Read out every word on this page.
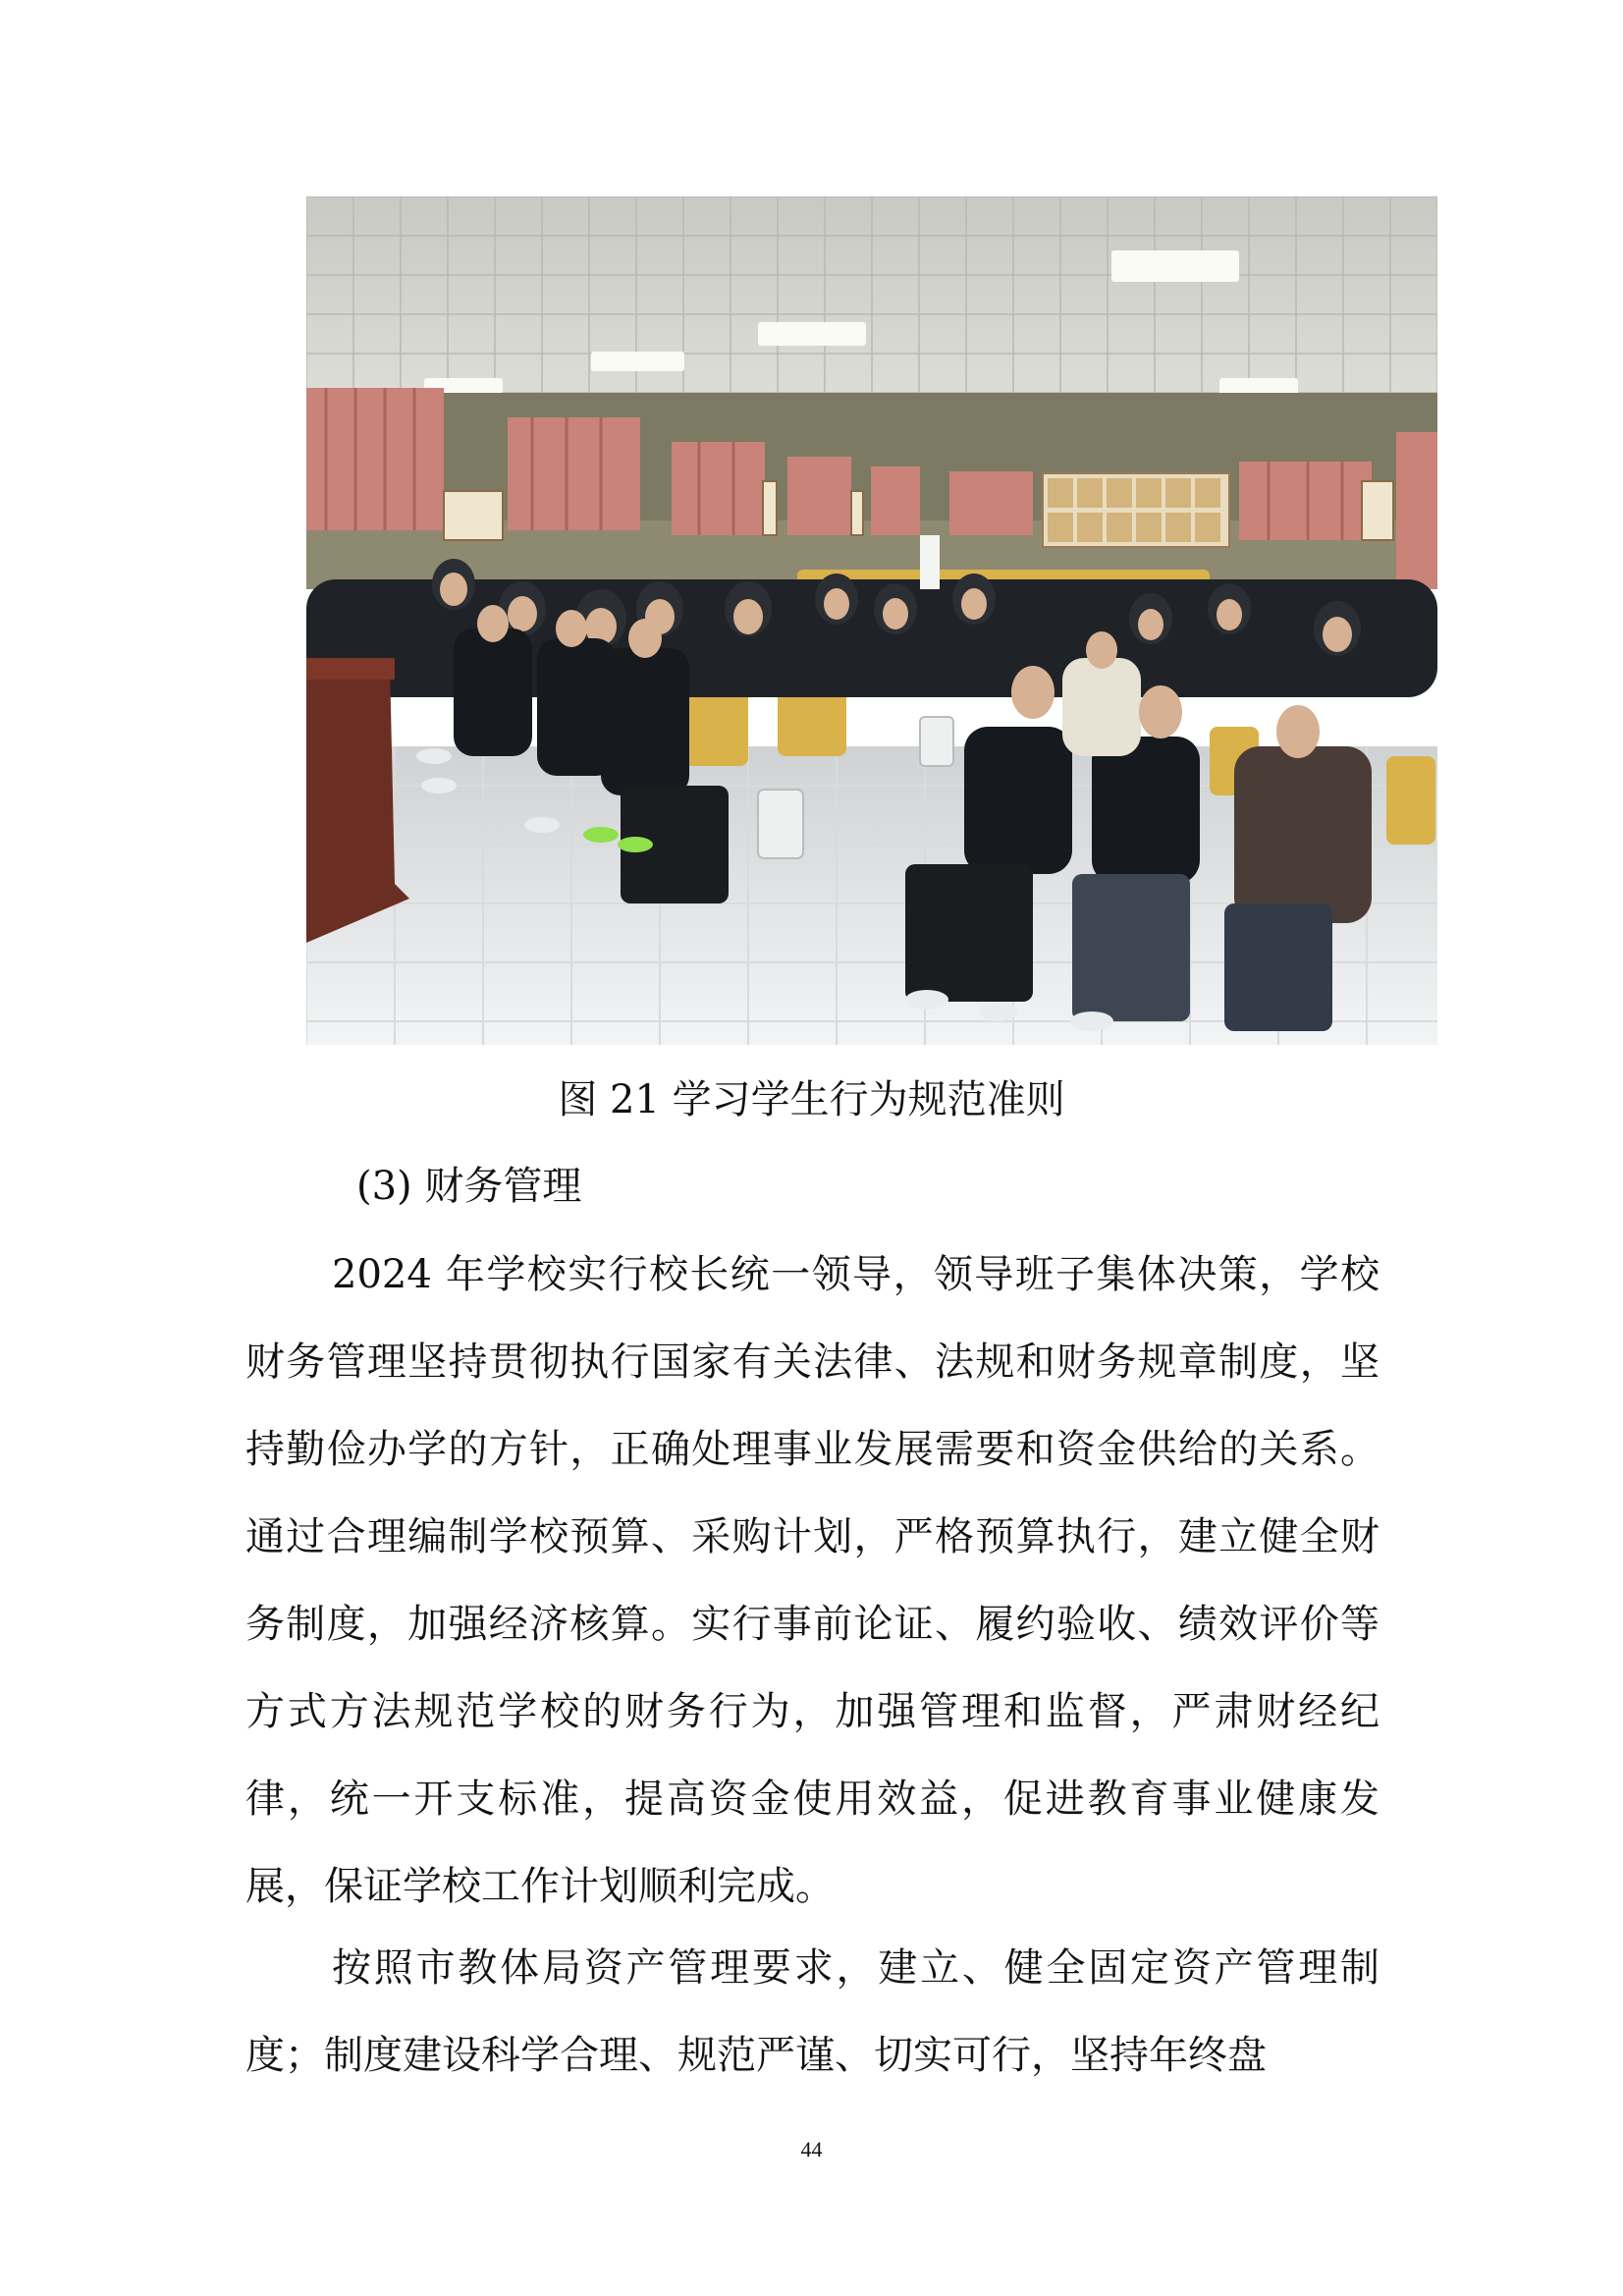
图 21 学习学生行为规范准则
(3) 财务管理

2024 年学校实行校长统一领导，领导班子集体决策，学校财务管理坚持贯彻执行国家有关法律、法规和财务规章制度，坚持勤俭办学的方针，正确处理事业发展需要和资金供给的关系。通过合理编制学校预算、采购计划，严格预算执行，建立健全财务制度，加强经济核算。实行事前论证、履约验收、绩效评价等方式方法规范学校的财务行为，加强管理和监督，严肃财经纪律，统一开支标准，提高资金使用效益，促进教育事业健康发展，保证学校工作计划顺利完成。

按照市教体局资产管理要求，建立、健全固定资产管理制度；制度建设科学合理、规范严谨、切实可行，坚持年终盘

44
